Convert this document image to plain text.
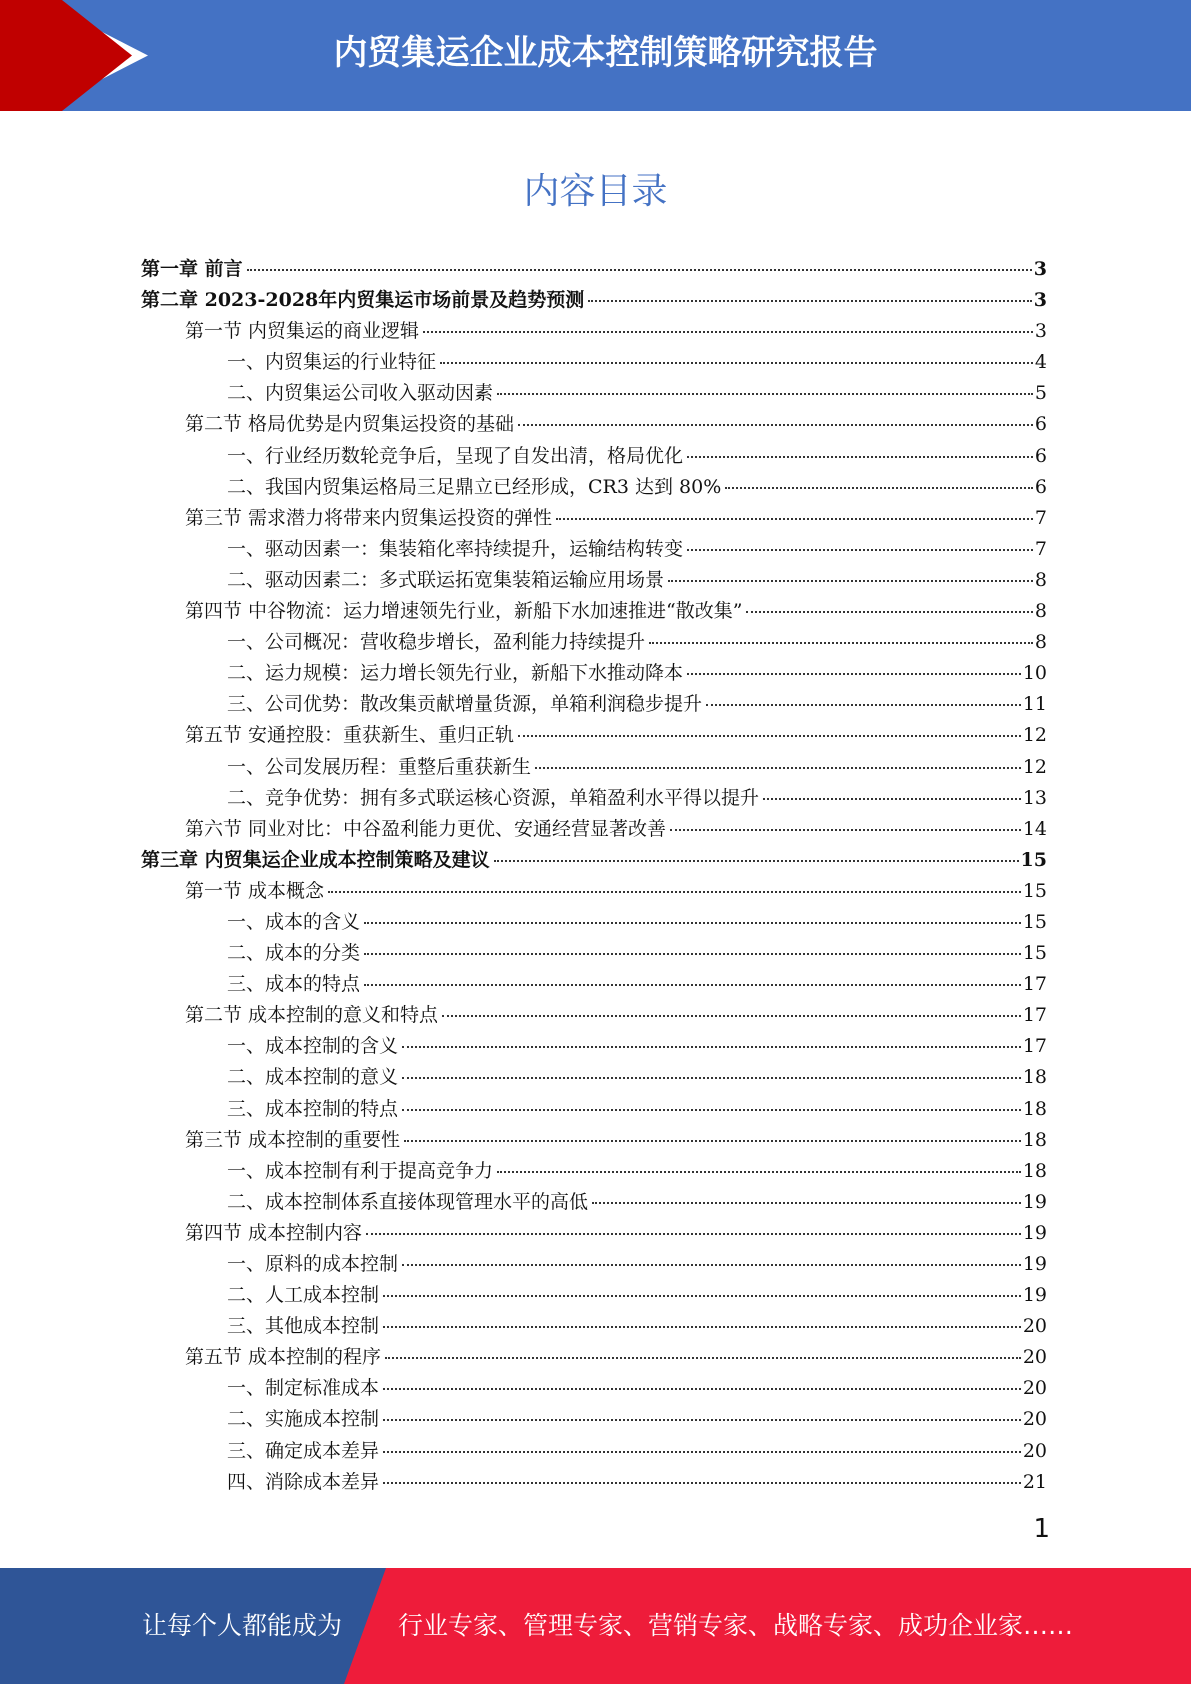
内贸集运企业成本控制策略研究报告
内容目录
第一章 前言	3
第二章 2023-2028年内贸集运市场前景及趋势预测	3
第一节 内贸集运的商业逻辑	3
一、内贸集运的行业特征	4
二、内贸集运公司收入驱动因素	5
第二节 格局优势是内贸集运投资的基础	6
一、行业经历数轮竞争后，呈现了自发出清，格局优化	6
二、我国内贸集运格局三足鼎立已经形成，CR3 达到 80%	6
第三节 需求潜力将带来内贸集运投资的弹性	7
一、驱动因素一：集装箱化率持续提升，运输结构转变	7
二、驱动因素二：多式联运拓宽集装箱运输应用场景	8
第四节 中谷物流：运力增速领先行业，新船下水加速推进“散改集”	8
一、公司概况：营收稳步增长，盈利能力持续提升	8
二、运力规模：运力增长领先行业，新船下水推动降本	10
三、公司优势：散改集贡献增量货源，单箱利润稳步提升	11
第五节 安通控股：重获新生、重归正轨	12
一、公司发展历程：重整后重获新生	12
二、竞争优势：拥有多式联运核心资源，单箱盈利水平得以提升	13
第六节 同业对比：中谷盈利能力更优、安通经营显著改善	14
第三章 内贸集运企业成本控制策略及建议	15
第一节 成本概念	15
一、成本的含义	15
二、成本的分类	15
三、成本的特点	17
第二节 成本控制的意义和特点	17
一、成本控制的含义	17
二、成本控制的意义	18
三、成本控制的特点	18
第三节 成本控制的重要性	18
一、成本控制有利于提高竞争力	18
二、成本控制体系直接体现管理水平的高低	19
第四节 成本控制内容	19
一、原料的成本控制	19
二、人工成本控制	19
三、其他成本控制	20
第五节 成本控制的程序	20
一、制定标准成本	20
二、实施成本控制	20
三、确定成本差异	20
四、消除成本差异	21
1
让每个人都能成为 行业专家、管理专家、营销专家、战略专家、成功企业家……
